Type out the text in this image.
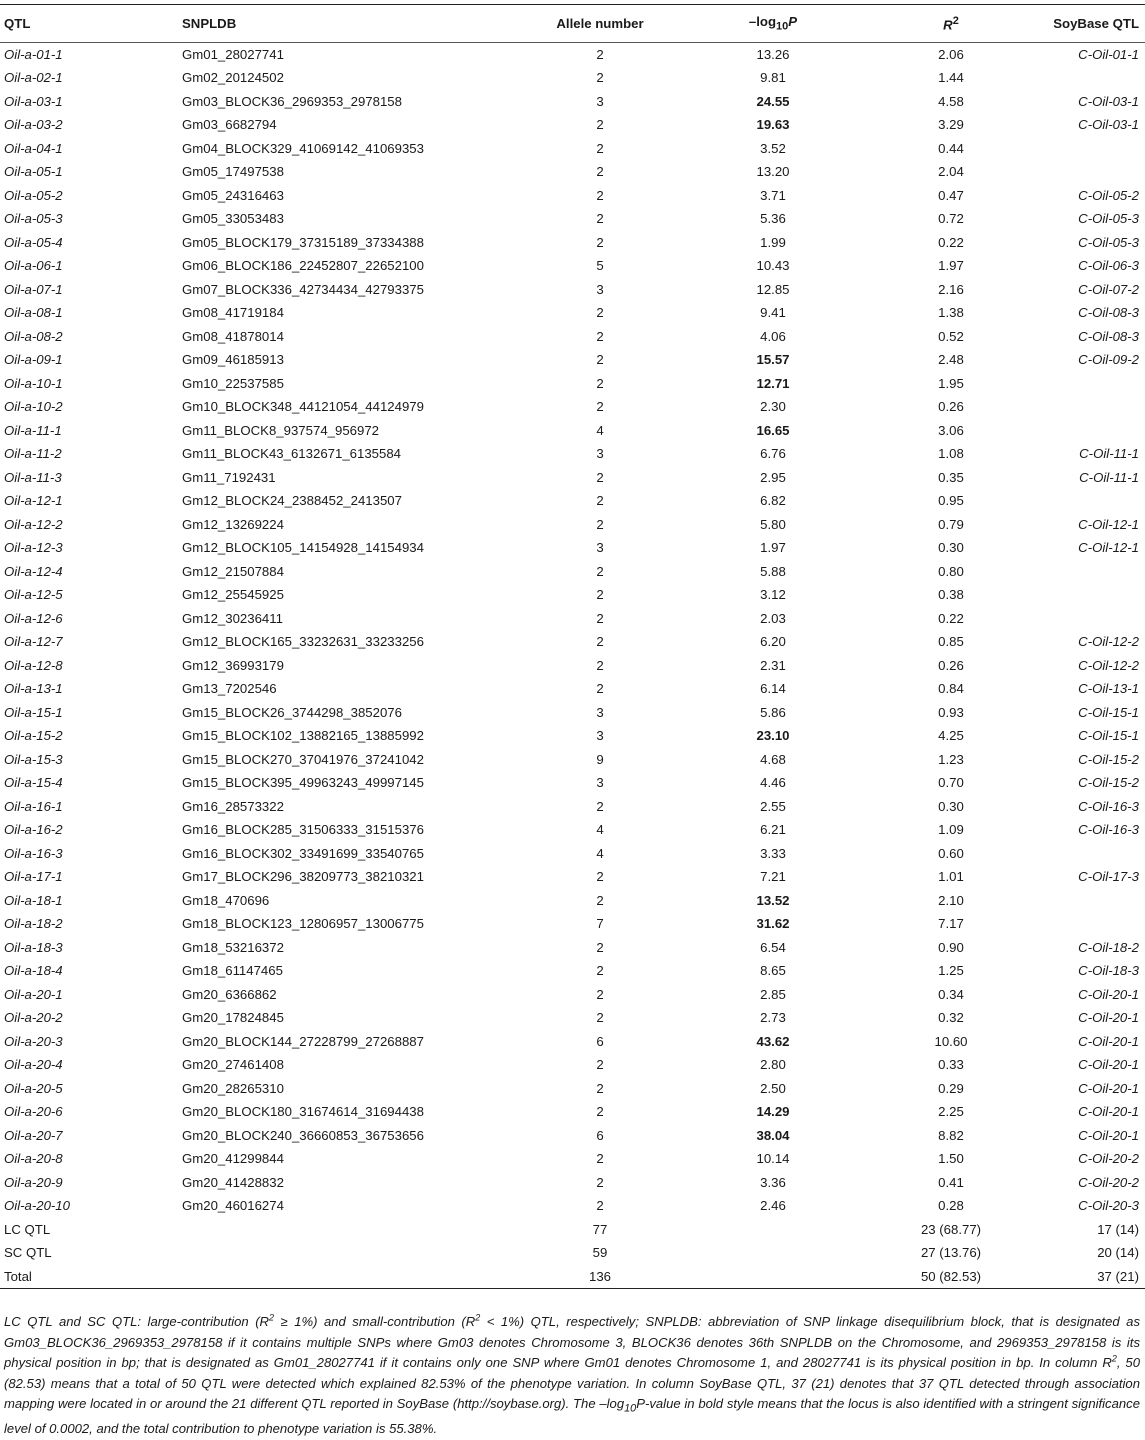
QTL	SNPLDB	Allele number	$-\log_{10}P$	$R^2$	SoyBase QTL
Oil-a-01-1	Gm01_28027741	2	13.26	2.06	C-Oil-01-1
Oil-a-02-1	Gm02_20124502	2	9.81	1.44	
Oil-a-03-1	Gm03_BLOCK36_2969353_2978158	3	24.55	4.58	C-Oil-03-1
Oil-a-03-2	Gm03_6682794	2	19.63	3.29	C-Oil-03-1
Oil-a-04-1	Gm04_BLOCK329_41069142_41069353	2	3.52	0.44	
Oil-a-05-1	Gm05_17497538	2	13.20	2.04	
Oil-a-05-2	Gm05_24316463	2	3.71	0.47	C-Oil-05-2
Oil-a-05-3	Gm05_33053483	2	5.36	0.72	C-Oil-05-3
Oil-a-05-4	Gm05_BLOCK179_37315189_37334388	2	1.99	0.22	C-Oil-05-3
Oil-a-06-1	Gm06_BLOCK186_22452807_22652100	5	10.43	1.97	C-Oil-06-3
Oil-a-07-1	Gm07_BLOCK336_42734434_42793375	3	12.85	2.16	C-Oil-07-2
Oil-a-08-1	Gm08_41719184	2	9.41	1.38	C-Oil-08-3
Oil-a-08-2	Gm08_41878014	2	4.06	0.52	C-Oil-08-3
Oil-a-09-1	Gm09_46185913	2	15.57	2.48	C-Oil-09-2
Oil-a-10-1	Gm10_22537585	2	12.71	1.95	
Oil-a-10-2	Gm10_BLOCK348_44121054_44124979	2	2.30	0.26	
Oil-a-11-1	Gm11_BLOCK8_937574_956972	4	16.65	3.06	
Oil-a-11-2	Gm11_BLOCK43_6132671_6135584	3	6.76	1.08	C-Oil-11-1
Oil-a-11-3	Gm11_7192431	2	2.95	0.35	C-Oil-11-1
Oil-a-12-1	Gm12_BLOCK24_2388452_2413507	2	6.82	0.95	
Oil-a-12-2	Gm12_13269224	2	5.80	0.79	C-Oil-12-1
Oil-a-12-3	Gm12_BLOCK105_14154928_14154934	3	1.97	0.30	C-Oil-12-1
Oil-a-12-4	Gm12_21507884	2	5.88	0.80	
Oil-a-12-5	Gm12_25545925	2	3.12	0.38	
Oil-a-12-6	Gm12_30236411	2	2.03	0.22	
Oil-a-12-7	Gm12_BLOCK165_33232631_33233256	2	6.20	0.85	C-Oil-12-2
Oil-a-12-8	Gm12_36993179	2	2.31	0.26	C-Oil-12-2
Oil-a-13-1	Gm13_7202546	2	6.14	0.84	C-Oil-13-1
Oil-a-15-1	Gm15_BLOCK26_3744298_3852076	3	5.86	0.93	C-Oil-15-1
Oil-a-15-2	Gm15_BLOCK102_13882165_13885992	3	23.10	4.25	C-Oil-15-1
Oil-a-15-3	Gm15_BLOCK270_37041976_37241042	9	4.68	1.23	C-Oil-15-2
Oil-a-15-4	Gm15_BLOCK395_49963243_49997145	3	4.46	0.70	C-Oil-15-2
Oil-a-16-1	Gm16_28573322	2	2.55	0.30	C-Oil-16-3
Oil-a-16-2	Gm16_BLOCK285_31506333_31515376	4	6.21	1.09	C-Oil-16-3
Oil-a-16-3	Gm16_BLOCK302_33491699_33540765	4	3.33	0.60	
Oil-a-17-1	Gm17_BLOCK296_38209773_38210321	2	7.21	1.01	C-Oil-17-3
Oil-a-18-1	Gm18_470696	2	13.52	2.10	
Oil-a-18-2	Gm18_BLOCK123_12806957_13006775	7	31.62	7.17	
Oil-a-18-3	Gm18_53216372	2	6.54	0.90	C-Oil-18-2
Oil-a-18-4	Gm18_61147465	2	8.65	1.25	C-Oil-18-3
Oil-a-20-1	Gm20_6366862	2	2.85	0.34	C-Oil-20-1
Oil-a-20-2	Gm20_17824845	2	2.73	0.32	C-Oil-20-1
Oil-a-20-3	Gm20_BLOCK144_27228799_27268887	6	43.62	10.60	C-Oil-20-1
Oil-a-20-4	Gm20_27461408	2	2.80	0.33	C-Oil-20-1
Oil-a-20-5	Gm20_28265310	2	2.50	0.29	C-Oil-20-1
Oil-a-20-6	Gm20_BLOCK180_31674614_31694438	2	14.29	2.25	C-Oil-20-1
Oil-a-20-7	Gm20_BLOCK240_36660853_36753656	6	38.04	8.82	C-Oil-20-1
Oil-a-20-8	Gm20_41299844	2	10.14	1.50	C-Oil-20-2
Oil-a-20-9	Gm20_41428832	2	3.36	0.41	C-Oil-20-2
Oil-a-20-10	Gm20_46016274	2	2.46	0.28	C-Oil-20-3
LC QTL		77		23 (68.77)	17 (14)
SC QTL		59		27 (13.76)	20 (14)
Total		136		50 (82.53)	37 (21)
LC QTL and SC QTL: large-contribution $(R^2 \ge 1\%)$ and small-contribution $(R^2 < 1\%)$ QTL, respectively; SNPLDB: abbreviation of SNP linkage disequilibrium block, that is designated as Gm03_BLOCK36_2969353_2978158 if it contains multiple SNPs where Gm03 denotes Chromosome 3, BLOCK36 denotes 36th SNPLDB on the Chromosome, and 2969353_2978158 is its physical position in bp; that is designated as Gm01_28027741 if it contains only one SNP where Gm01 denotes Chromosome 1, and 28027741 is its physical position in bp. In column $R^2$, 50 (82.53) means that a total of 50 QTL were detected which explained 82.53% of the phenotype variation. In column SoyBase QTL, 37 (21) denotes that 37 QTL detected through association mapping were located in or around the 21 different QTL reported in SoyBase (http://soybase.org). The $-\log_{10}P$-value in bold style means that the locus is also identified with a stringent significance level of 0.0002, and the total contribution to phenotype variation is 55.38%.
